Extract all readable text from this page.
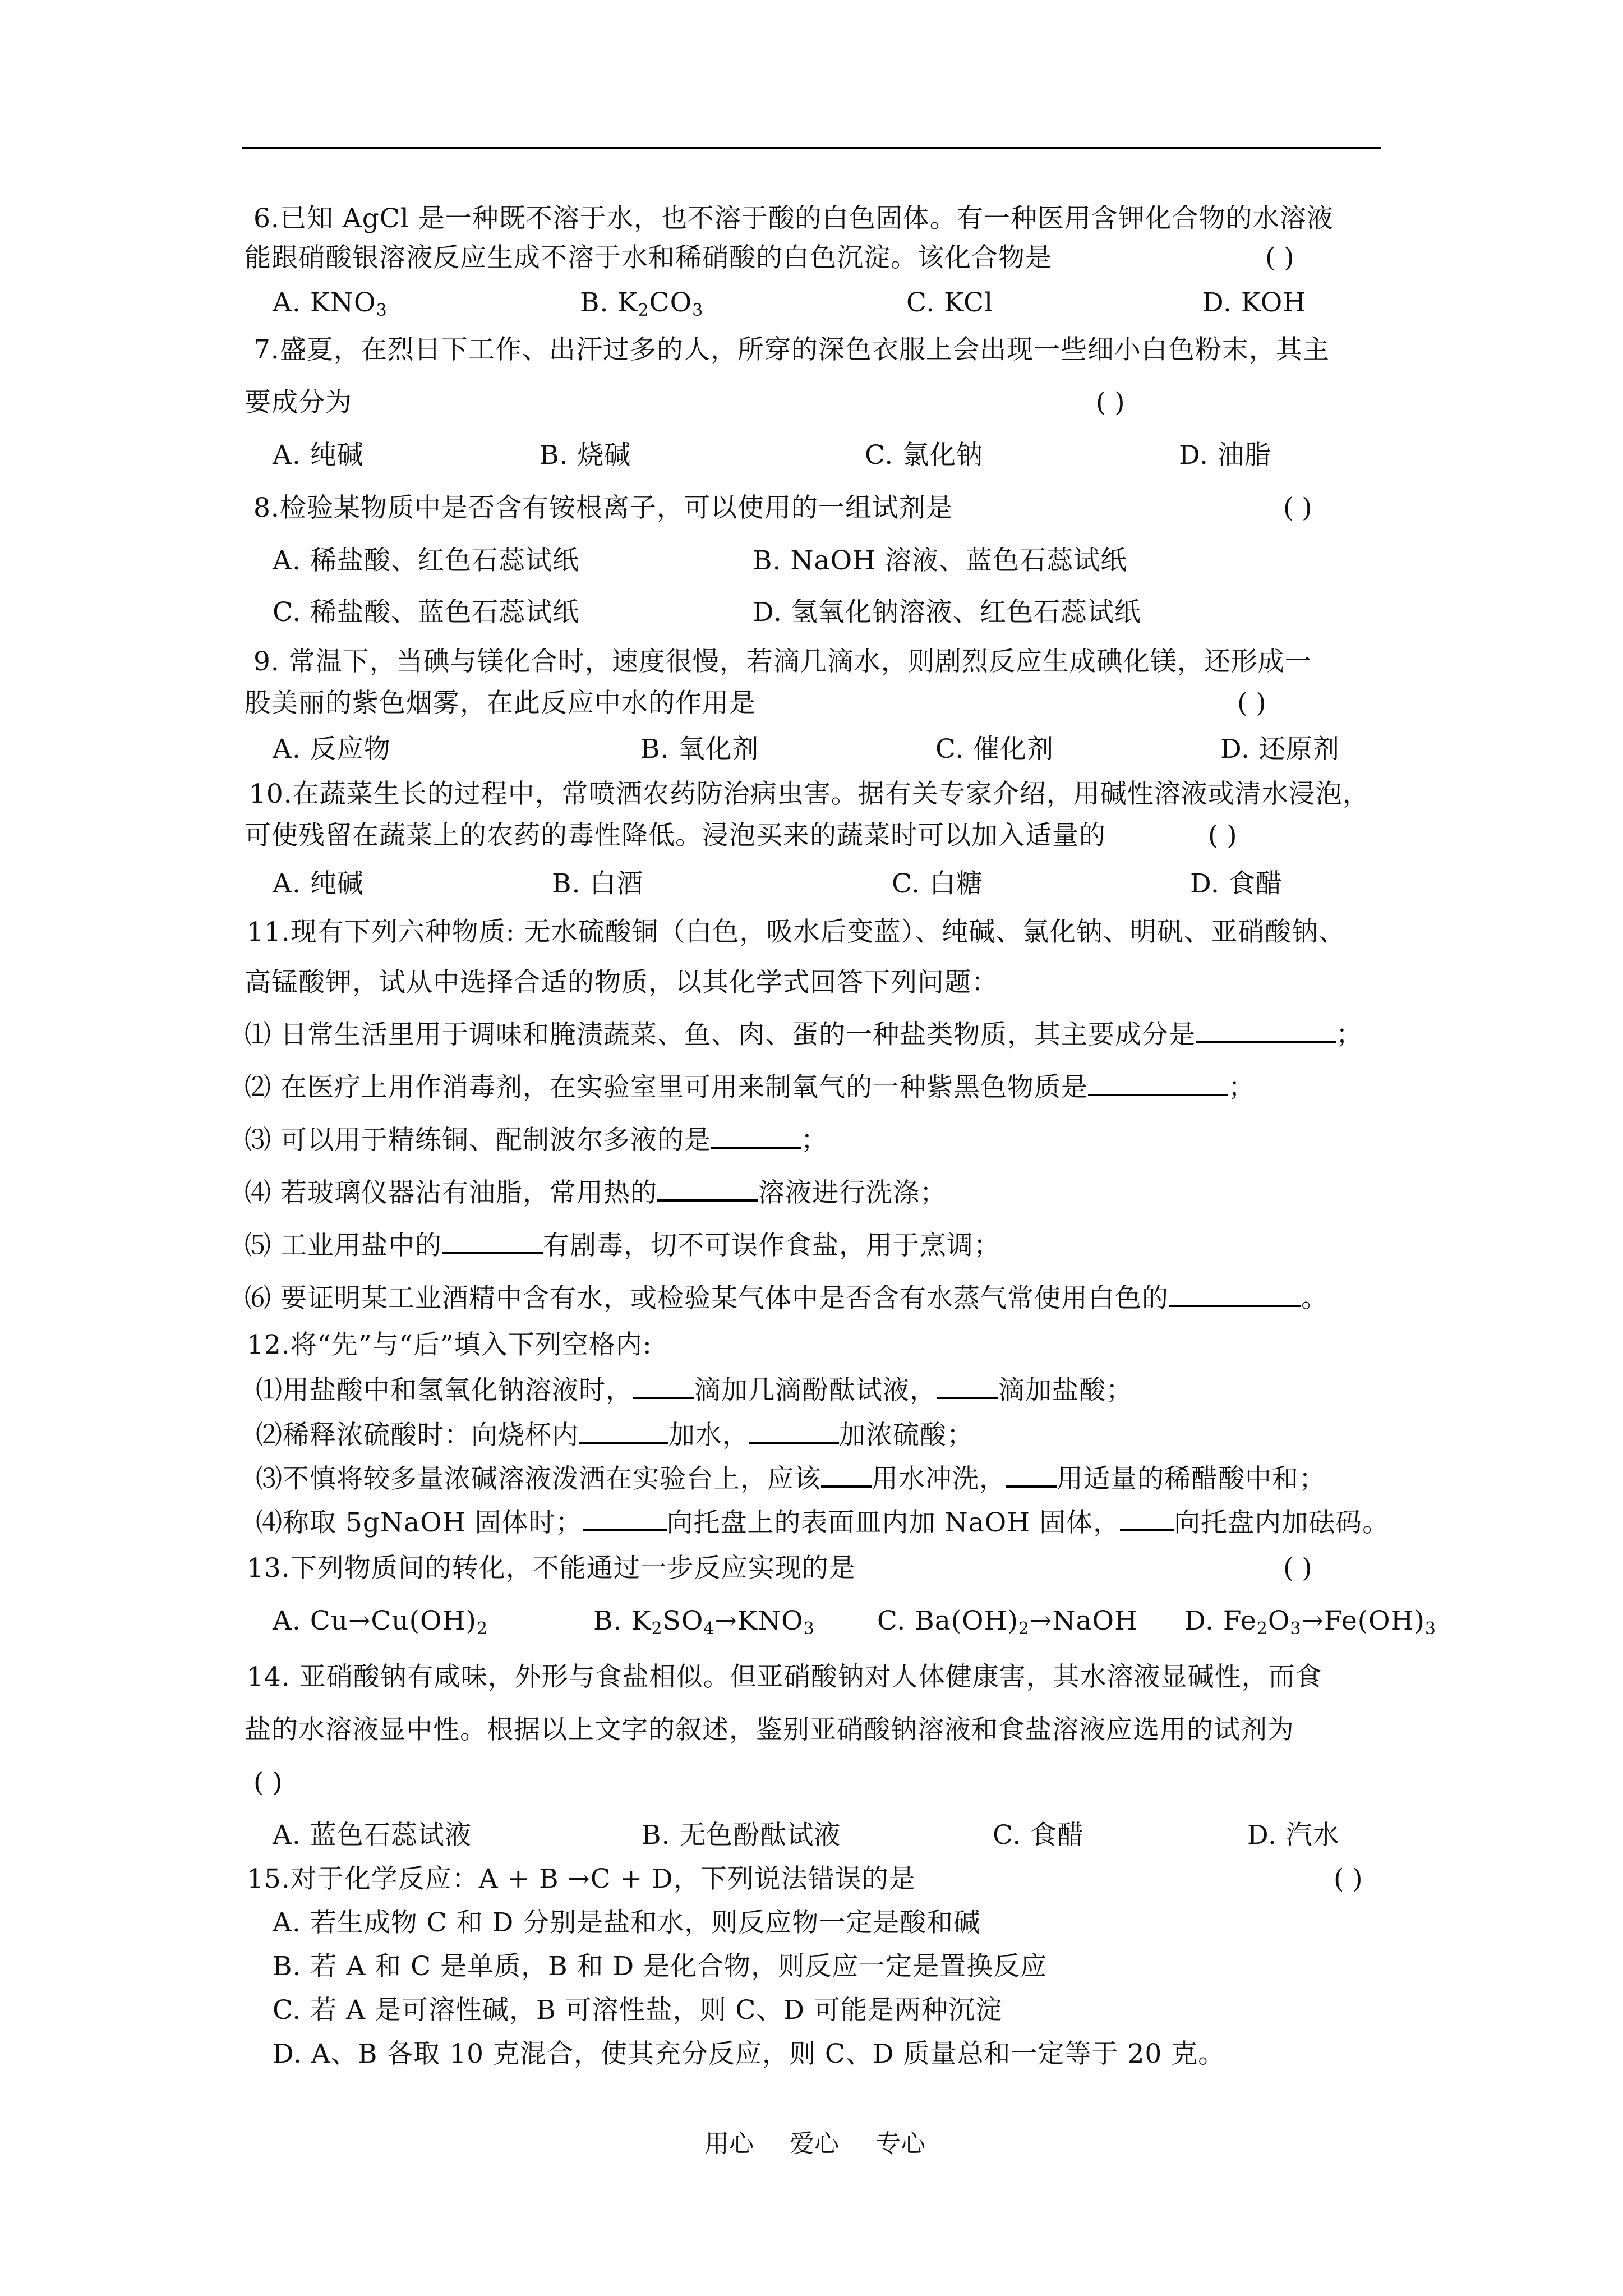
6.已知 AgCl 是一种既不溶于水，也不溶于酸的白色固体。有一种医用含钾化合物的水溶液
能跟硝酸银溶液反应生成不溶于水和稀硝酸的白色沉淀。该化合物是	( )
A. $KNO_3$	B. $K_2CO_3$	C. KCl	D. KOH
7.盛夏，在烈日下工作、出汗过多的人，所穿的深色衣服上会出现一些细小白色粉末，其主
要成分为	( )
A. 纯碱	B. 烧碱	C. 氯化钠	D. 油脂
8.检验某物质中是否含有铵根离子，可以使用的一组试剂是	( )
A. 稀盐酸、红色石蕊试纸	B. NaOH 溶液、蓝色石蕊试纸
C. 稀盐酸、蓝色石蕊试纸	D. 氢氧化钠溶液、红色石蕊试纸
9. 常温下，当碘与镁化合时，速度很慢，若滴几滴水，则剧烈反应生成碘化镁，还形成一
股美丽的紫色烟雾，在此反应中水的作用是	( )
A. 反应物	B. 氧化剂	C. 催化剂	D. 还原剂
10.在蔬菜生长的过程中，常喷洒农药防治病虫害。据有关专家介绍，用碱性溶液或清水浸泡，
可使残留在蔬菜上的农药的毒性降低。浸泡买来的蔬菜时可以加入适量的	( )
A. 纯碱	B. 白酒	C. 白糖	D. 食醋
11.现有下列六种物质: 无水硫酸铜（白色，吸水后变蓝）、纯碱、氯化钠、明矾、亚硝酸钠、
高锰酸钾，试从中选择合适的物质，以其化学式回答下列问题：
⑴ 日常生活里用于调味和腌渍蔬菜、鱼、肉、蛋的一种盐类物质，其主要成分是	；
⑵ 在医疗上用作消毒剂，在实验室里可用来制氧气的一种紫黑色物质是	；
⑶ 可以用于精练铜、配制波尔多液的是	；
⑷ 若玻璃仪器沾有油脂，常用热的	溶液进行洗涤；
⑸ 工业用盐中的	有剧毒，切不可误作食盐，用于烹调；
⑹ 要证明某工业酒精中含有水，或检验某气体中是否含有水蒸气常使用白色的	。
12.将“先”与“后”填入下列空格内:
⑴用盐酸中和氢氧化钠溶液时， 滴加几滴酚酞试液， 滴加盐酸；
⑵稀释浓硫酸时：向烧杯内	加水，	加浓硫酸；
⑶不慎将较多量浓碱溶液泼洒在实验台上，应该 用水冲洗， 用适量的稀醋酸中和；
⑷称取 5gNaOH 固体时；	向托盘上的表面皿内加 NaOH 固体， 向托盘内加砝码。
13.下列物质间的转化，不能通过一步反应实现的是	( )
A. $Cu\to Cu(OH)_2$	B. $K_2SO_4\to KNO_3$ C. $Ba(OH)_2\to NaOH$ D. $Fe_2O_3\to Fe(OH)_3$
14. 亚硝酸钠有咸味，外形与食盐相似。但亚硝酸钠对人体健康害，其水溶液显碱性，而食
盐的水溶液显中性。根据以上文字的叙述，鉴别亚硝酸钠溶液和食盐溶液应选用的试剂为
( )
A. 蓝色石蕊试液	B. 无色酚酞试液	C. 食醋	D. 汽水
15.对于化学反应：A + B →C + D，下列说法错误的是	( )
A. 若生成物 C 和 D 分别是盐和水，则反应物一定是酸和碱
B. 若 A 和 C 是单质，B 和 D 是化合物，则反应一定是置换反应
C. 若 A 是可溶性碱，B 可溶性盐，则 C、D 可能是两种沉淀
D. A、B 各取 10 克混合，使其充分反应，则 C、D 质量总和一定等于 20 克。
用心 爱心 专心
